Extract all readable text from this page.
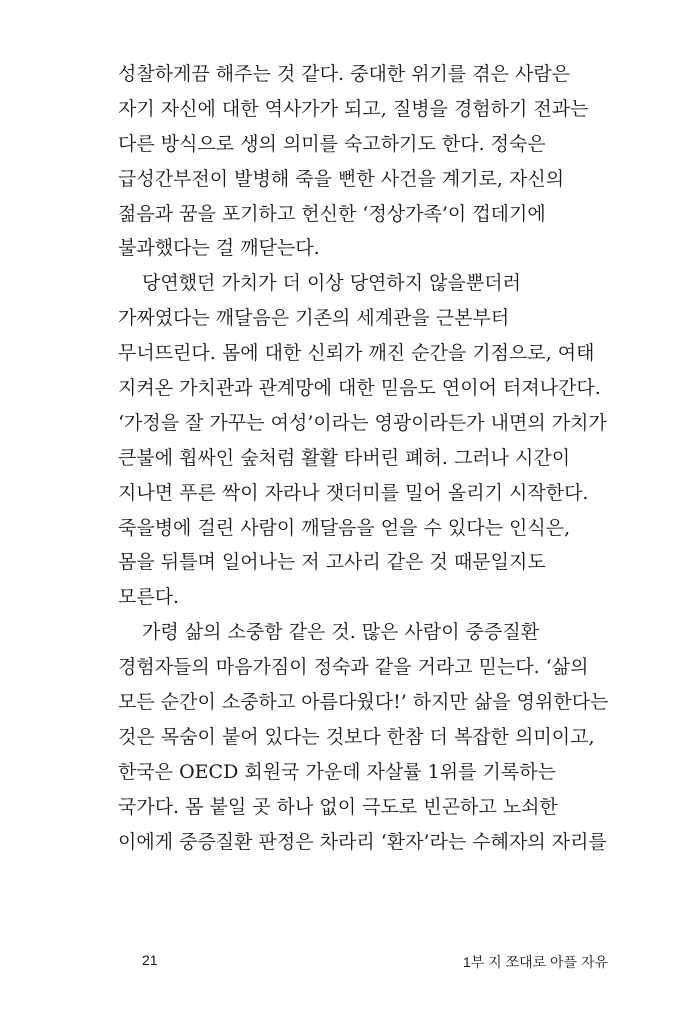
성찰하게끔 해주는 것 같다. 중대한 위기를 겪은 사람은
자기 자신에 대한 역사가가 되고, 질병을 경험하기 전과는
다른 방식으로 생의 의미를 숙고하기도 한다. 정숙은
급성간부전이 발병해 죽을 뻔한 사건을 계기로, 자신의
젊음과 꿈을 포기하고 헌신한 ‘정상가족’이 껍데기에
불과했다는 걸 깨닫는다.
당연했던 가치가 더 이상 당연하지 않을뿐더러
가짜였다는 깨달음은 기존의 세계관을 근본부터
무너뜨린다. 몸에 대한 신뢰가 깨진 순간을 기점으로, 여태
지켜온 가치관과 관계망에 대한 믿음도 연이어 터져나간다.
‘가정을 잘 가꾸는 여성’이라는 영광이라든가 내면의 가치가
큰불에 휩싸인 숲처럼 활활 타버린 폐허. 그러나 시간이
지나면 푸른 싹이 자라나 잿더미를 밀어 올리기 시작한다.
죽을병에 걸린 사람이 깨달음을 얻을 수 있다는 인식은,
몸을 뒤틀며 일어나는 저 고사리 같은 것 때문일지도
모른다.
가령 삶의 소중함 같은 것. 많은 사람이 중증질환
경험자들의 마음가짐이 정숙과 같을 거라고 믿는다. ‘삶의
모든 순간이 소중하고 아름다웠다!’ 하지만 삶을 영위한다는
것은 목숨이 붙어 있다는 것보다 한참 더 복잡한 의미이고,
한국은 OECD 회원국 가운데 자살률 1위를 기록하는
국가다. 몸 붙일 곳 하나 없이 극도로 빈곤하고 노쇠한
이에게 중증질환 판정은 차라리 ‘환자’라는 수혜자의 자리를
21	1부 지 쪼대로 아플 자유
